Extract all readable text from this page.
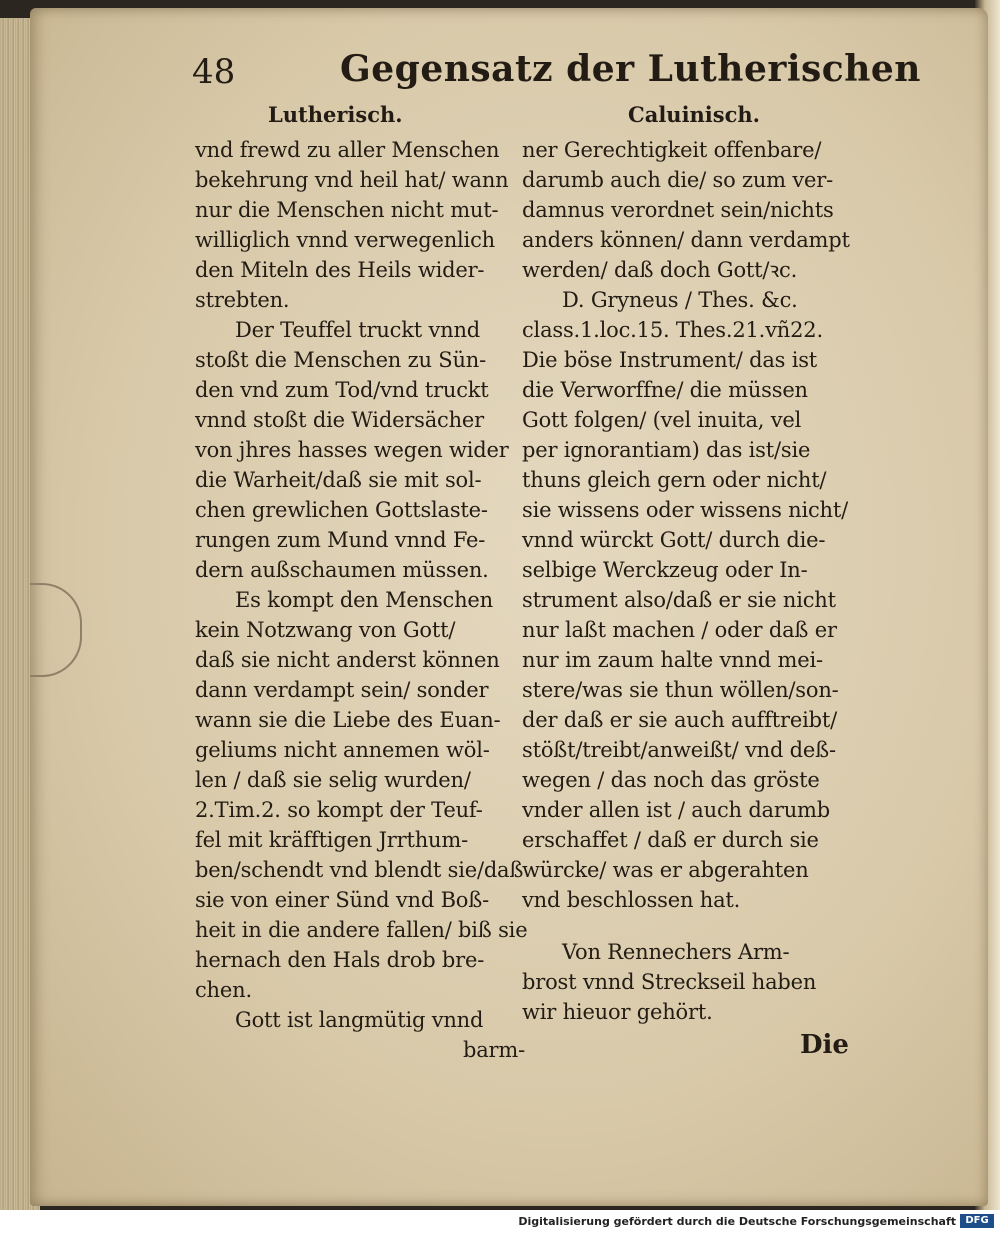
48	Gegensatz der Lutherischen
Lutherisch.	Caluinisch.
vnd frewd zu aller Menschen
bekehrung vnd heil hat/ wann
nur die Menschen nicht mut-
williglich vnnd verwegenlich
den Miteln des Heils wider-
strebten.
Der Teuffel truckt vnnd
stoßt die Menschen zu Sün-
den vnd zum Tod/vnd truckt
vnnd stoßt die Widersächer
von jhres hasses wegen wider
die Warheit/daß sie mit sol-
chen grewlichen Gottslaste-
rungen zum Mund vnnd Fe-
dern außschaumen müssen.
Es kompt den Menschen
kein Notzwang von Gott/
daß sie nicht anderst können
dann verdampt sein/ sonder
wann sie die Liebe des Euan-
geliums nicht annemen wöl-
len / daß sie selig wurden/
2.Tim.2. so kompt der Teuf-
fel mit kräfftigen Jrrthum-
ben/schendt vnd blendt sie/daß
sie von einer Sünd vnd Boß-
heit in die andere fallen/ biß sie
hernach den Hals drob bre-
chen.
Gott ist langmütig vnnd
barm-
ner Gerechtigkeit offenbare/
darumb auch die/ so zum ver-
damnus verordnet sein/nichts
anders können/ dann verdampt
werden/ daß doch Gott/ꝛc.
D. Gryneus / Thes. &c.
class.1.loc.15. Thes.21.vñ22.
Die böse Instrument/ das ist
die Verworffne/ die müssen
Gott folgen/ (vel inuita, vel
per ignorantiam) das ist/sie
thuns gleich gern oder nicht/
sie wissens oder wissens nicht/
vnnd würckt Gott/ durch die-
selbige Werckzeug oder In-
strument also/daß er sie nicht
nur laßt machen / oder daß er
nur im zaum halte vnnd mei-
stere/was sie thun wöllen/son-
der daß er sie auch aufftreibt/
stößt/treibt/anweißt/ vnd deß-
wegen / das noch das gröste
vnder allen ist / auch darumb
erschaffet / daß er durch sie
würcke/ was er abgerahten
vnd beschlossen hat.
Von Rennechers Arm-
brost vnnd Streckseil haben
wir hieuor gehört.
Die
Digitalisierung gefördert durch die Deutsche Forschungsgemeinschaft DFG
